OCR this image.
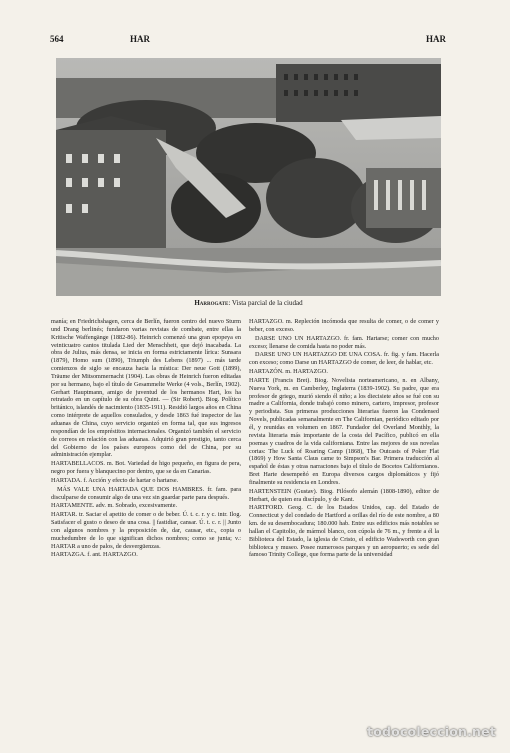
564	HAR	HAR
Harrogate: Vista parcial de la ciudad

manía; en Friedrichshagen, cerca de Berlín, fueron centro del nuevo Sturm und Drang berlinés; fundaron varias revistas de combate, entre ellas la Kritische Waffengänge (1882-86). Heinrich comenzó una gran epopeya en veinticuatro cantos titulada Lied der Menschheit, que dejó inacabada. La obra de Julius, más densa, se inicia en forma estrictamente lírica: Sunsara (1879), Homo sum (1890), Triumph des Lebens (1897) ... más tarde comienzos de siglo se encauza hacia la mística: Der neue Gott (1899), Träume der Mitsommernacht (1904). Las obras de Heinrich fueron editadas por su hermano, bajo el título de Gesammelte Werke (4 vols., Berlín, 1902). Gerhart Hauptmann, amigo de juventud de los hermanos Hart, los ha retratado en un capítulo de su obra Quint. — (Sir Robert). Biog. Político británico, islandés de nacimiento (1835-1911). Residió largos años en China como intérprete de aquellos consulados, y desde 1863 fué inspector de las aduanas de China, cuyo servicio organizó en forma tal, que sus ingresos respondían de los empréstitos internacionales. Organizó también el servicio de correos en relación con las aduanas. Adquirió gran prestigio, tanto cerca del Gobierno de los países europeos como del de China, por su administración ejemplar.

HARTABELLACOS. m. Bot. Variedad de higo pequeño, en figura de pera, negro por fuera y blanquecino por dentro, que se da en Canarias.

HARTADA. f. Acción y efecto de hartar o hartarse.

MÁS VALE UNA HARTADA QUE DOS HAMBRES. fr. fam. para disculparse de consumir algo de una vez sin guardar parte para después.

HARTAMENTE. adv. m. Sobrado, excesivamente.

HARTAR. tr. Saciar el apetito de comer o de beber. Ú. t. c. r. y c. intr. Ilog. Satisfacer el gusto o deseo de una cosa. || fastidiar, cansar. Ú. t. c. r. || Junto con algunos nombres y la preposición de, dar, causar, etc., copia o muchedumbre de lo que significan dichos nombres; como se junta; v.: HARTAR a uno de palos, de desvergüenzas.

HARTAZGA. f. ant. HARTAZGO.

HARTAZGO. m. Repleción incómoda que resulta de comer, o de comer y beber, con exceso.

DARSE UNO UN HARTAZGO. fr. fam. Hartarse; comer con mucho exceso; llenarse de comida hasta no poder más.

DARSE UNO UN HARTAZGO DE UNA COSA. fr. fig. y fam. Hacerla con exceso; como Darse un HARTAZGO de comer, de leer, de hablar, etc.

HARTAZÓN. m. HARTAZGO.

HARTE (Francis Bret). Biog. Novelista norteamericano, n. en Albany, Nueva York, m. en Camberley, Inglaterra (1839-1902). Su padre, que era profesor de griego, murió siendo él niño; a los diecisiete años se fué con su madre a California, donde trabajó como minero, cartero, impresor, profesor y periodista. Sus primeras producciones literarias fueron las Condensed Novels, publicadas semanalmente en The Californian, periódico editado por él, y reunidas en volumen en 1867. Fundador del Overland Monthly, la revista literaria más importante de la costa del Pacífico, publicó en ella poemas y cuadros de la vida californiana. Entre las mejores de sus novelas cortas: The Luck of Roaring Camp (1868), The Outcasts of Poker Flat (1869) y How Santa Claus came to Simpson's Bar. Primera traducción al español de éstas y otras narraciones bajo el título de Bocetos Californianos. Bret Harte desempeñó en Europa diversos cargos diplomáticos y fijó finalmente su residencia en Londres.

HARTENSTEIN (Gustav). Biog. Filósofo alemán (1808-1890), editor de Herbart, de quien era discípulo, y de Kant.

HARTFORD. Geog. C. de los Estados Unidos, cap. del Estado de Connecticut y del condado de Hartford a orillas del río de este nombre, a 80 km. de su desembocadura; 180.000 hab. Entre sus edificios más notables se hallan el Capitolio, de mármol blanco, con cúpola de 76 m., y frente a él la Biblioteca del Estado, la iglesia de Cristo, el edificio Wadsworth con gran biblioteca y museo. Posee numerosos parques y un aeropuerto; es sede del famoso Trinity College, que forma parte de la universidad

todocoleccion.net
